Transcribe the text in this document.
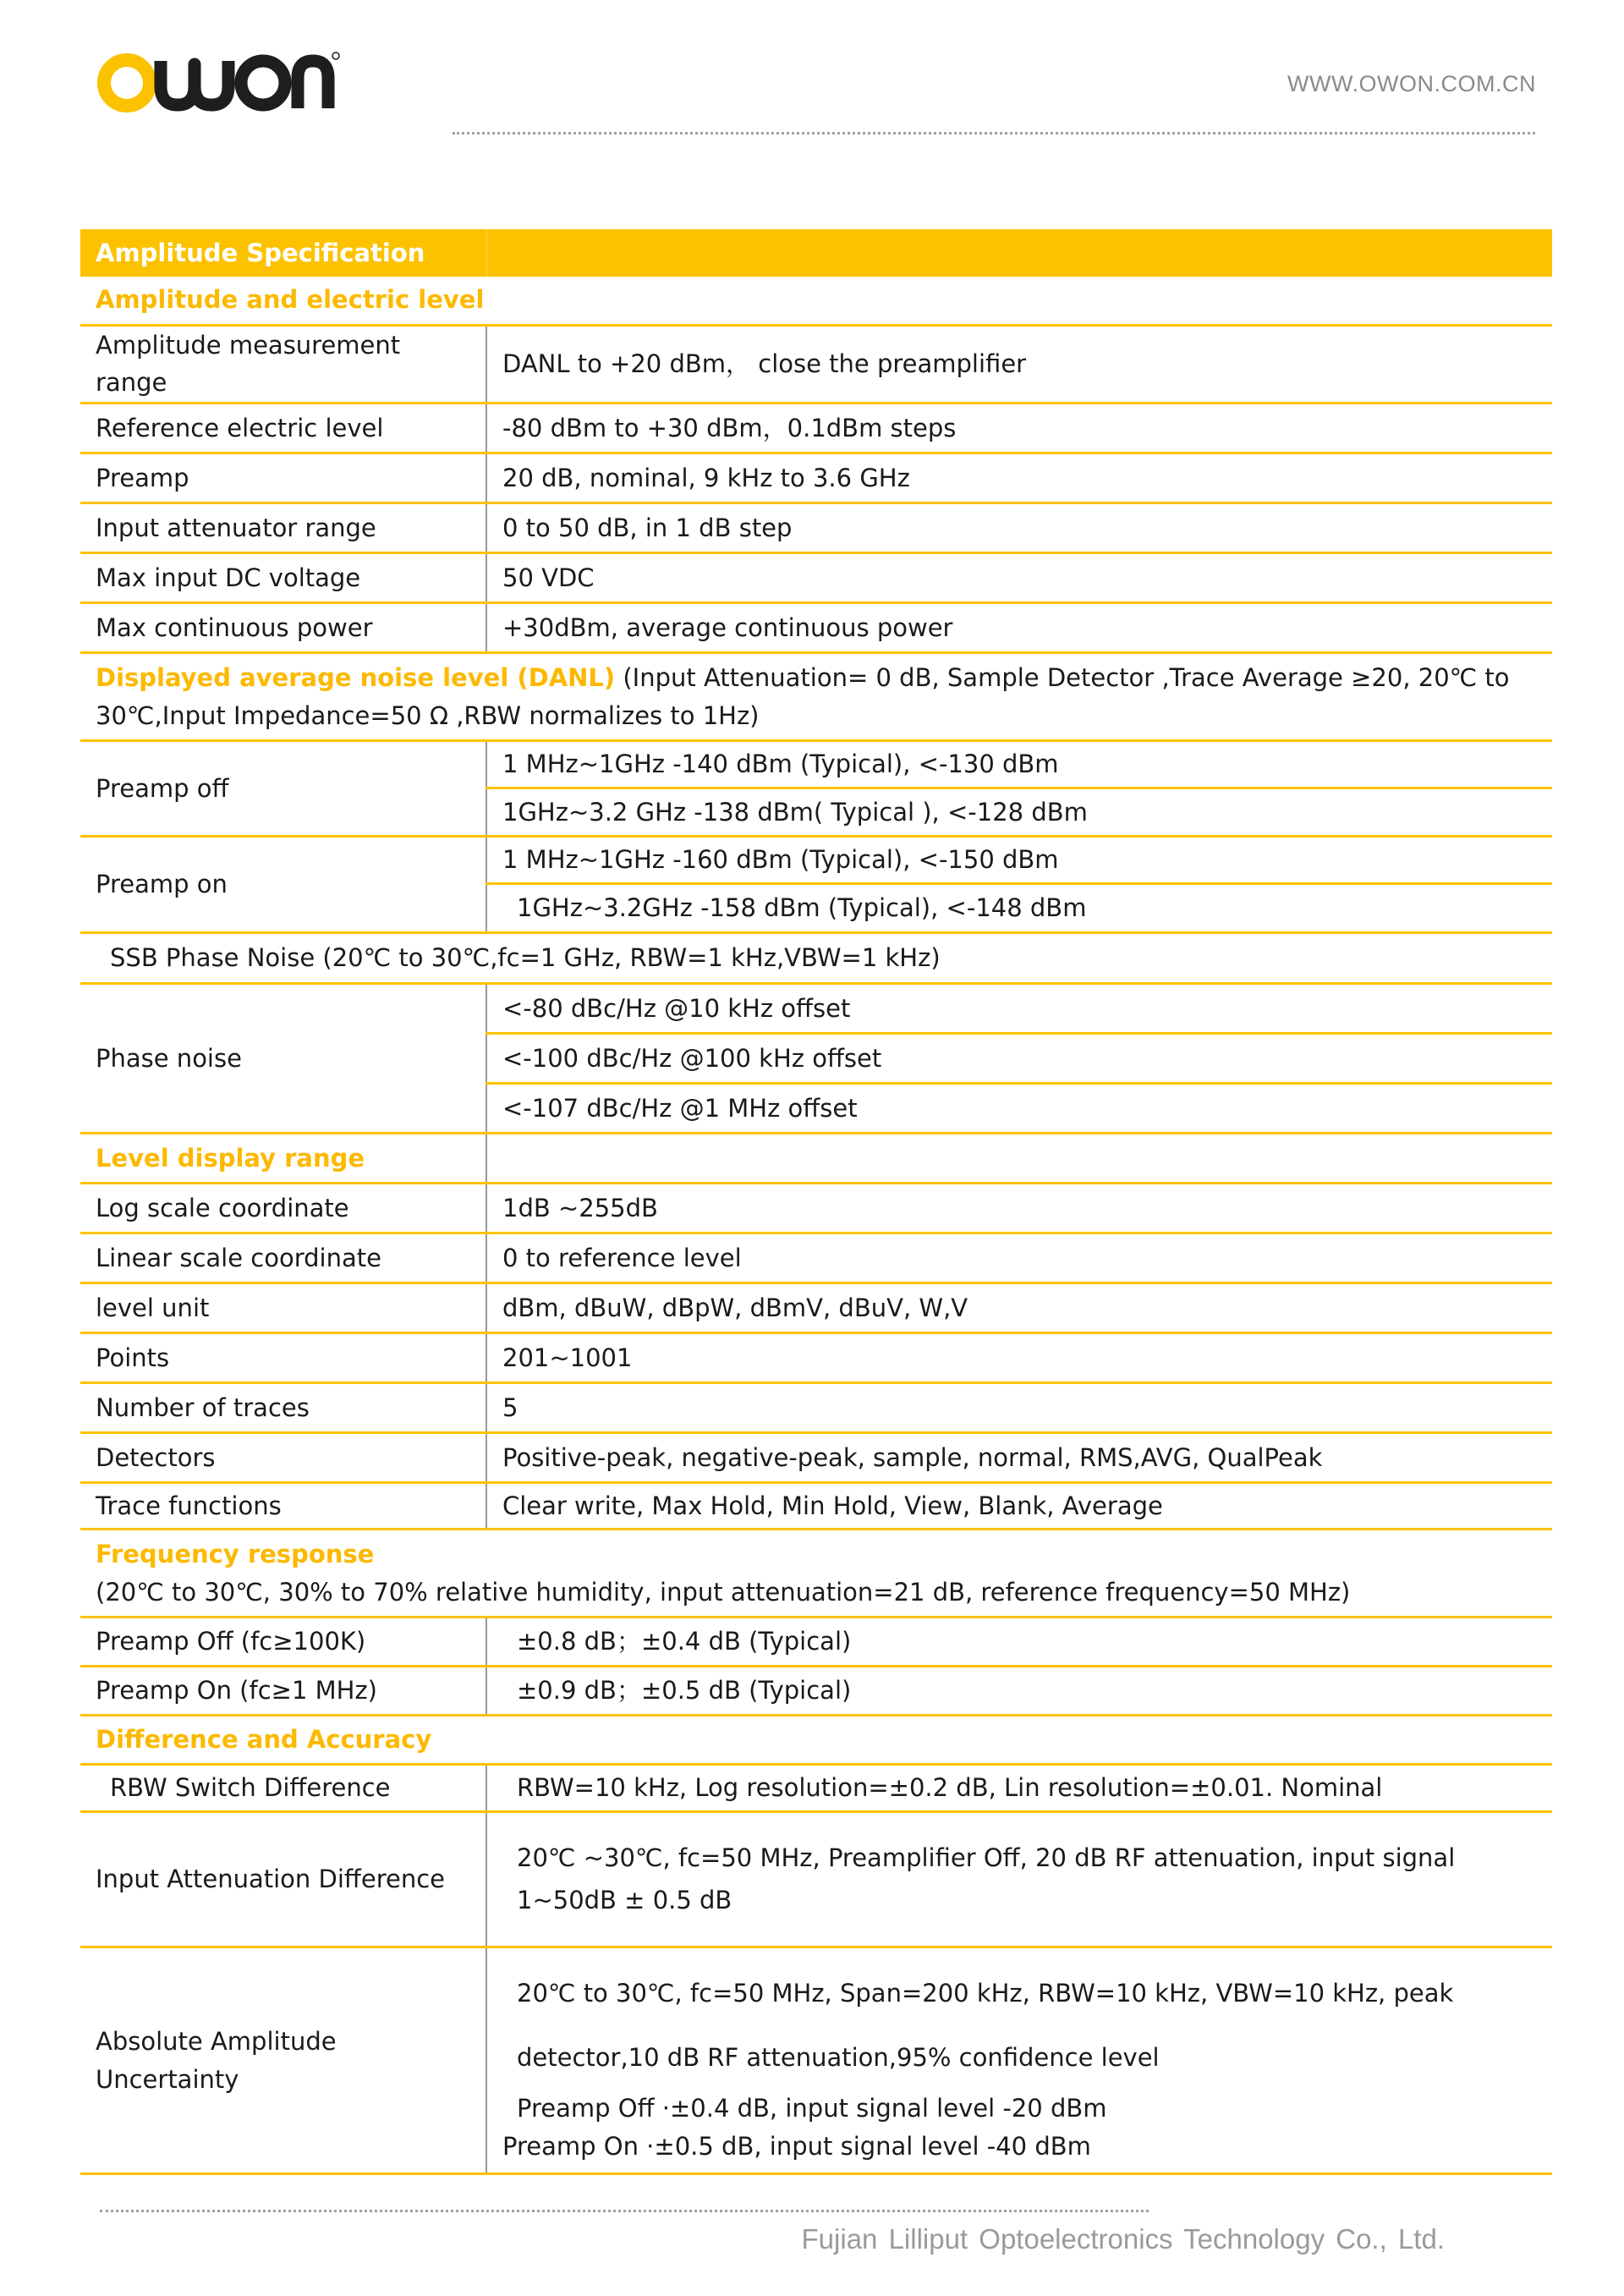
WWW.OWON.COM.CN
Amplitude Specification	
Amplitude and electric level	
Amplitude measurement range	DANL to +20 dBm， close the preamplifier
Reference electric level	-80 dBm to +30 dBm，0.1dBm steps
Preamp	20 dB, nominal, 9 kHz to 3.6 GHz
Input attenuator range	0 to 50 dB, in 1 dB step
Max input DC voltage	50 VDC
Max continuous power	+30dBm, average continuous power
Displayed average noise level (DANL) (Input Attenuation= 0 dB, Sample Detector ,Trace Average ≥20, 20℃ to 30℃,Input Impedance=50 Ω ,RBW normalizes to 1Hz)	
Preamp off	1 MHz~1GHz -140 dBm (Typical), <-130 dBm
	1GHz~3.2 GHz -138 dBm( Typical ), <-128 dBm
Preamp on	1 MHz~1GHz -160 dBm (Typical), <-150 dBm
	1GHz~3.2GHz -158 dBm (Typical), <-148 dBm
SSB Phase Noise (20℃ to 30℃,fc=1 GHz, RBW=1 kHz,VBW=1 kHz)	
Phase noise	<-80 dBc/Hz @10 kHz offset
	<-100 dBc/Hz @100 kHz offset
	<-107 dBc/Hz @1 MHz offset
Level display range	
Log scale coordinate	1dB ~255dB
Linear scale coordinate	0 to reference level
level unit	dBm, dBuW, dBpW, dBmV, dBuV, W,V
Points	201~1001
Number of traces	5
Detectors	Positive-peak, negative-peak, sample, normal, RMS,AVG, QualPeak
Trace functions	Clear write, Max Hold, Min Hold, View, Blank, Average

Frequency response
(20℃ to 30℃, 30% to 70% relative humidity, input attenuation=21 dB, reference frequency=50 MHz)	

Preamp Off (fc≥100K)	±0.8 dB；±0.4 dB (Typical)
Preamp On (fc≥1 MHz)	±0.9 dB；±0.5 dB (Typical)
Difference and Accuracy	
RBW Switch Difference	RBW=10 kHz, Log resolution=±0.2 dB, Lin resolution=±0.01. Nominal
Input Attenuation Difference	20℃ ~30℃, fc=50 MHz, Preamplifier Off, 20 dB RF attenuation, input signal 1~50dB ± 0.5 dB
Absolute Amplitude Uncertainty	20℃ to 30℃, fc=50 MHz, Span=200 kHz, RBW=10 kHz, VBW=10 kHz, peak detector,10 dB RF attenuation,95% confidence level
Preamp Off ·±0.4 dB, input signal level -20 dBm
Preamp On ·±0.5 dB, input signal level -40 dBm
Fujian Lilliput Optoelectronics Technology Co., Ltd.
